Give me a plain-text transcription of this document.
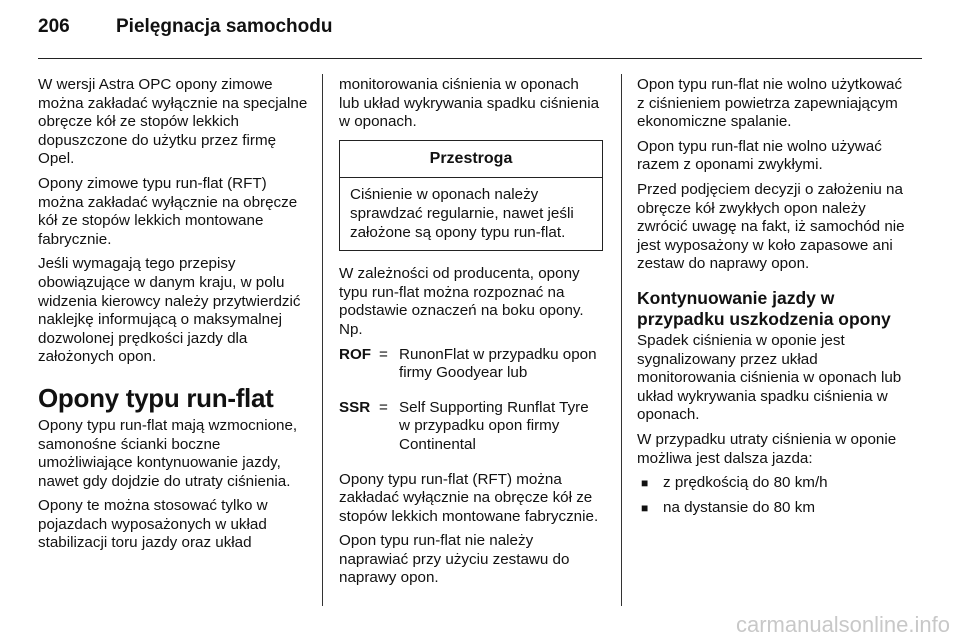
206 Pielęgnacja samochodu

W wersji Astra OPC opony zimowe można zakładać wyłącznie na specjalne obręcze kół ze stopów lekkich dopuszczone do użytku przez firmę Opel.

Opony zimowe typu run-flat (RFT) można zakładać wyłącznie na obręcze kół ze stopów lekkich montowane fabrycznie.

Jeśli wymagają tego przepisy obowiązujące w danym kraju, w polu widzenia kierowcy należy przytwierdzić naklejkę informującą o maksymalnej dozwolonej prędkości jazdy dla założonych opon.

Opony typu run-flat

Opony typu run-flat mają wzmocnione, samonośne ścianki boczne umożliwiające kontynuowanie jazdy, nawet gdy dojdzie do utraty ciśnienia.

Opony te można stosować tylko w pojazdach wyposażonych w układ stabilizacji toru jazdy oraz układ

monitorowania ciśnienia w oponach lub układ wykrywania spadku ciśnienia w oponach.

Przestroga
Ciśnienie w oponach należy sprawdzać regularnie, nawet jeśli założone są opony typu run-flat.

W zależności od producenta, opony typu run-flat można rozpoznać na podstawie oznaczeń na boku opony. Np.

ROF = RunonFlat w przypadku opon firmy Goodyear lub
SSR = Self Supporting Runflat Tyre w przypadku opon firmy Continental

Opony typu run-flat (RFT) można zakładać wyłącznie na obręcze kół ze stopów lekkich montowane fabrycznie.

Opon typu run-flat nie należy naprawiać przy użyciu zestawu do naprawy opon.

Opon typu run-flat nie wolno użytkować z ciśnieniem powietrza zapewniającym ekonomiczne spalanie.

Opon typu run-flat nie wolno używać razem z oponami zwykłymi.

Przed podjęciem decyzji o założeniu na obręcze kół zwykłych opon należy zwrócić uwagę na fakt, iż samochód nie jest wyposażony w koło zapasowe ani zestaw do naprawy opon.

Kontynuowanie jazdy w przypadku uszkodzenia opony

Spadek ciśnienia w oponie jest sygnalizowany przez układ monitorowania ciśnienia w oponach lub układ wykrywania spadku ciśnienia w oponach.

W przypadku utraty ciśnienia w oponie możliwa jest dalsza jazda:

■ z prędkością do 80 km/h
■ na dystansie do 80 km
carmanualsonline.info
